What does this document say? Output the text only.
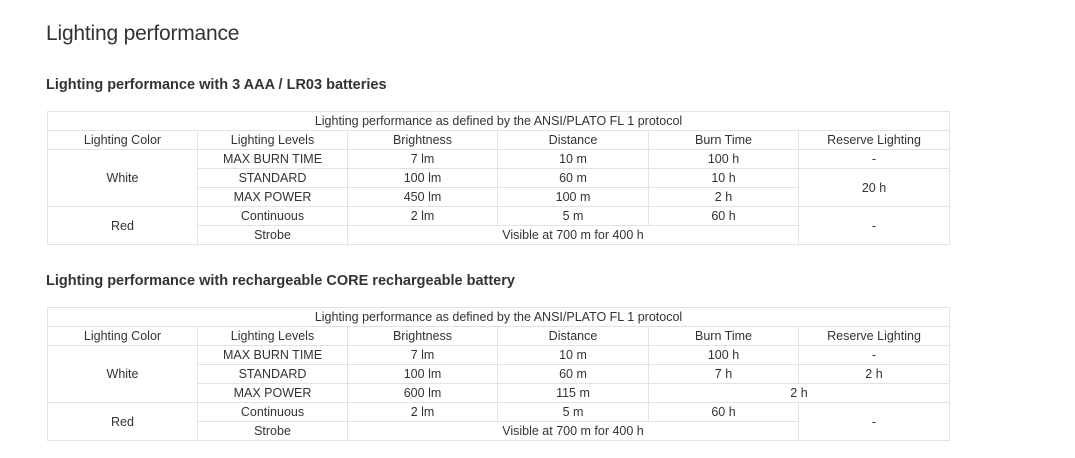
Lighting performance
Lighting performance with 3 AAA / LR03 batteries
Lighting performance as defined by the ANSI/PLATO FL 1 protocol					
Lighting Color	Lighting Levels	Brightness	Distance	Burn Time	Reserve Lighting
White	MAX BURN TIME	7 lm	10 m	100 h	-
	STANDARD	100 lm	60 m	10 h	20 h
	MAX POWER	450 lm	100 m	2 h	
Red	Continuous	2 lm	5 m	60 h	-
	Strobe	Visible at 700 m for 400 h			
Lighting performance with rechargeable CORE rechargeable battery
Lighting performance as defined by the ANSI/PLATO FL 1 protocol					
Lighting Color	Lighting Levels	Brightness	Distance	Burn Time	Reserve Lighting
White	MAX BURN TIME	7 lm	10 m	100 h	-
	STANDARD	100 lm	60 m	7 h	2 h
	MAX POWER	600 lm	115 m	2 h	
Red	Continuous	2 lm	5 m	60 h	-
	Strobe	Visible at 700 m for 400 h			
